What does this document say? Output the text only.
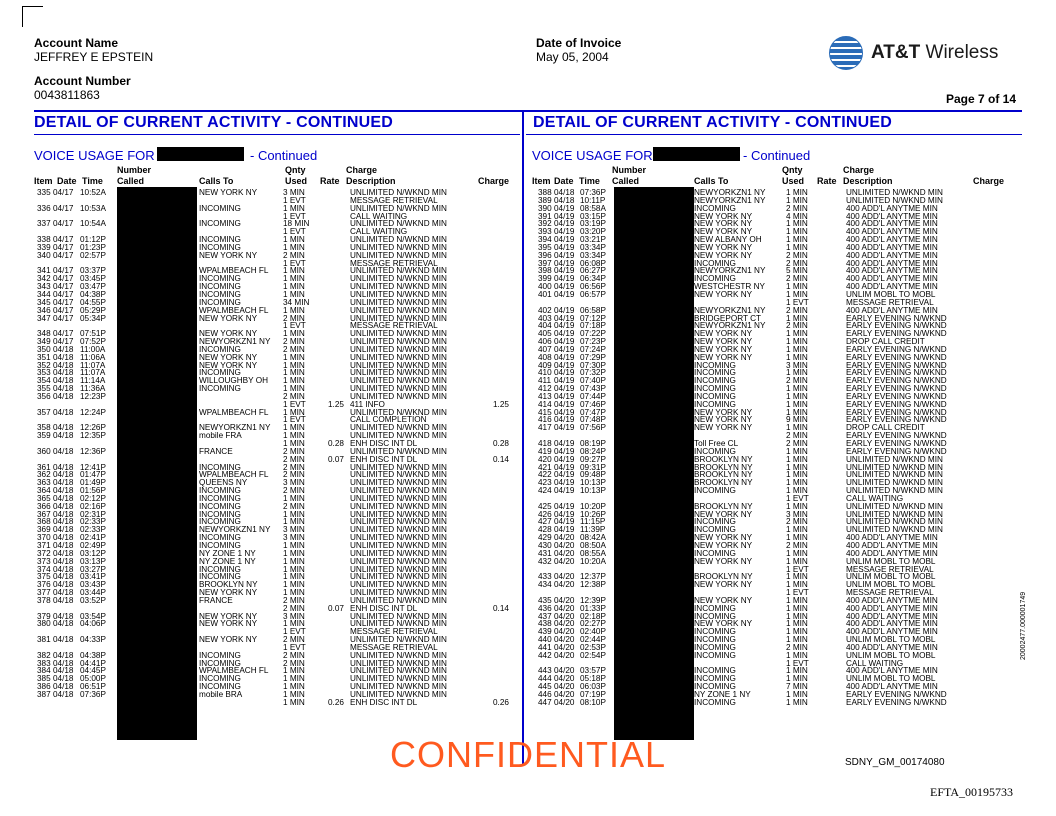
Account Name
JEFFREY E EPSTEIN
Account Number
0043811863
Date of Invoice
May 05, 2004	AT&T Wireless
Page 7 of 14
DETAIL OF CURRENT ACTIVITY - CONTINUED	DETAIL OF CURRENT ACTIVITY - CONTINUED
VOICE USAGE FOR	- Continued	VOICE USAGE FOR	- Continued
Number	Qnty	Charge
Item Date Time Called	Calls To	Used Rate Description	Charge
Number	Qnty	Charge
Item Date Time Called	Calls To	Used Rate Description	Charge
335 04/17 10:52A	NEW YORK NY	3 MIN	UNLIMITED N/WKND MIN
1 EVT	MESSAGE RETRIEVAL
336 04/17 10:53A	INCOMING	1 MIN	UNLIMITED N/WKND MIN
1 EVT	CALL WAITING
337 04/17 10:54A	INCOMING	18 MIN	UNLIMITED N/WKND MIN
1 EVT	CALL WAITING
338 04/17 01:12P	INCOMING	1 MIN	UNLIMITED N/WKND MIN
339 04/17 01:23P	INCOMING	1 MIN	UNLIMITED N/WKND MIN
340 04/17 02:57P	NEW YORK NY	2 MIN	UNLIMITED N/WKND MIN
1 EVT	MESSAGE RETRIEVAL
341 04/17 03:37P	WPALMBEACH FL 1 MIN	UNLIMITED N/WKND MIN
342 04/17 03:45P	INCOMING	1 MIN	UNLIMITED N/WKND MIN
343 04/17 03:47P	INCOMING	1 MIN	UNLIMITED N/WKND MIN
344 04/17 04:38P	INCOMING	1 MIN	UNLIMITED N/WKND MIN
345 04/17 04:55P	INCOMING	34 MIN	UNLIMITED N/WKND MIN
346 04/17 05:29P	WPALMBEACH FL 1 MIN	UNLIMITED N/WKND MIN
347 04/17 05:34P	NEW YORK NY	2 MIN	UNLIMITED N/WKND MIN
1 EVT	MESSAGE RETRIEVAL
348 04/17 07:51P	NEW YORK NY	1 MIN	UNLIMITED N/WKND MIN
349 04/17 07:52P	NEWYORKZN1 NY 2 MIN	UNLIMITED N/WKND MIN
350 04/18 11:00A	INCOMING	2 MIN	UNLIMITED N/WKND MIN
351 04/18 11:06A	NEW YORK NY	1 MIN	UNLIMITED N/WKND MIN
352 04/18 11:07A	NEW YORK NY	1 MIN	UNLIMITED N/WKND MIN
353 04/18 11:07A	INCOMING	1 MIN	UNLIMITED N/WKND MIN
354 04/18 11:14A	WILLOUGHBY OH 1 MIN	UNLIMITED N/WKND MIN
355 04/18 11:36A	INCOMING	1 MIN	UNLIMITED N/WKND MIN
356 04/18 12:23P	2 MIN	UNLIMITED N/WKND MIN
1 EVT	1.25 411 INFO	1.25
357 04/18 12:24P	WPALMBEACH FL 1 MIN	UNLIMITED N/WKND MIN
1 EVT	CALL COMPLETION
358 04/18 12:26P	NEWYORKZN1 NY 1 MIN	UNLIMITED N/WKND MIN
359 04/18 12:35P	mobile FRA	1 MIN	UNLIMITED N/WKND MIN
1 MIN	0.28 ENH DISC INT DL	0.28
360 04/18 12:36P	FRANCE	2 MIN	UNLIMITED N/WKND MIN
2 MIN	0.07 ENH DISC INT DL	0.14
361 04/18 12:41P	INCOMING	2 MIN	UNLIMITED N/WKND MIN
362 04/18 01:47P	WPALMBEACH FL 2 MIN	UNLIMITED N/WKND MIN
363 04/18 01:49P	QUEENS NY	3 MIN	UNLIMITED N/WKND MIN
364 04/18 01:56P	INCOMING	2 MIN	UNLIMITED N/WKND MIN
365 04/18 02:12P	INCOMING	1 MIN	UNLIMITED N/WKND MIN
366 04/18 02:16P	INCOMING	2 MIN	UNLIMITED N/WKND MIN
367 04/18 02:31P	INCOMING	1 MIN	UNLIMITED N/WKND MIN
368 04/18 02:33P	INCOMING	1 MIN	UNLIMITED N/WKND MIN
369 04/18 02:33P	NEWYORKZN1 NY 3 MIN	UNLIMITED N/WKND MIN
370 04/18 02:41P	INCOMING	3 MIN	UNLIMITED N/WKND MIN
371 04/18 02:49P	INCOMING	1 MIN	UNLIMITED N/WKND MIN
372 04/18 03:12P	NY ZONE 1 NY	1 MIN	UNLIMITED N/WKND MIN
373 04/18 03:13P	NY ZONE 1 NY	1 MIN	UNLIMITED N/WKND MIN
374 04/18 03:27P	INCOMING	1 MIN	UNLIMITED N/WKND MIN
375 04/18 03:41P	INCOMING	1 MIN	UNLIMITED N/WKND MIN
376 04/18 03:43P	BROOKLYN NY	1 MIN	UNLIMITED N/WKND MIN
377 04/18 03:44P	NEW YORK NY	1 MIN	UNLIMITED N/WKND MIN
378 04/18 03:52P	FRANCE	2 MIN	UNLIMITED N/WKND MIN
2 MIN	0.07 ENH DISC INT DL	0.14
379 04/18 03:54P	NEW YORK NY	3 MIN	UNLIMITED N/WKND MIN
380 04/18 04:06P	NEW YORK NY	1 MIN	UNLIMITED N/WKND MIN
1 EVT	MESSAGE RETRIEVAL
381 04/18 04:33P	NEW YORK NY	2 MIN	UNLIMITED N/WKND MIN
1 EVT	MESSAGE RETRIEVAL
382 04/18 04:38P	INCOMING	2 MIN	UNLIMITED N/WKND MIN
383 04/18 04:41P	INCOMING	2 MIN	UNLIMITED N/WKND MIN
384 04/18 04:45P	WPALMBEACH FL 1 MIN	UNLIMITED N/WKND MIN
385 04/18 05:00P	INCOMING	1 MIN	UNLIMITED N/WKND MIN
386 04/18 06:51P	INCOMING	1 MIN	UNLIMITED N/WKND MIN
387 04/18 07:36P	mobile BRA	1 MIN	UNLIMITED N/WKND MIN
1 MIN	0.26 ENH DISC INT DL	0.26
388 04/18 07:36P	NEWYORKZN1 NY	1 MIN	UNLIMITED N/WKND MIN
389 04/18 10:11P	NEWYORKZN1 NY	1 MIN	UNLIMITED N/WKND MIN
390 04/19 08:58A	INCOMING	2 MIN	400 ADD'L ANYTME MIN
391 04/19 03:15P	NEW YORK NY	4 MIN	400 ADD'L ANYTME MIN
392 04/19 03:19P	NEW YORK NY	1 MIN	400 ADD'L ANYTME MIN
393 04/19 03:20P	NEW YORK NY	1 MIN	400 ADD'L ANYTME MIN
394 04/19 03:21P	NEW ALBANY OH	1 MIN	400 ADD'L ANYTME MIN
395 04/19 03:34P	NEW YORK NY	1 MIN	400 ADD'L ANYTME MIN
396 04/19 03:34P	NEW YORK NY	2 MIN	400 ADD'L ANYTME MIN
397 04/19 06:08P	INCOMING	2 MIN	400 ADD'L ANYTME MIN
398 04/19 06:27P	NEWYORKZN1 NY	5 MIN	400 ADD'L ANYTME MIN
399 04/19 06:34P	INCOMING	2 MIN	400 ADD'L ANYTME MIN
400 04/19 06:56P	WESTCHESTR NY	1 MIN	400 ADD'L ANYTME MIN
401 04/19 06:57P	NEW YORK NY	1 MIN	UNLIM MOBL TO MOBL
1 EVT	MESSAGE RETRIEVAL
402 04/19 06:58P	NEWYORKZN1 NY	2 MIN	400 ADD'L ANYTME MIN
403 04/19 07:12P	BRIDGEPORT CT	1 MIN	EARLY EVENING N/WKND
404 04/19 07:18P	NEWYORKZN1 NY	2 MIN	EARLY EVENING N/WKND
405 04/19 07:22P	NEW YORK NY	1 MIN	EARLY EVENING N/WKND
406 04/19 07:23P	NEW YORK NY	1 MIN	DROP CALL CREDIT
407 04/19 07:24P	NEW YORK NY	1 MIN	EARLY EVENING N/WKND
408 04/19 07:29P	NEW YORK NY	1 MIN	EARLY EVENING N/WKND
409 04/19 07:30P	INCOMING	3 MIN	EARLY EVENING N/WKND
410 04/19 07:32P	INCOMING	1 MIN	EARLY EVENING N/WKND
411 04/19 07:40P	INCOMING	2 MIN	EARLY EVENING N/WKND
412 04/19 07:43P	INCOMING	1 MIN	EARLY EVENING N/WKND
413 04/19 07:44P	INCOMING	1 MIN	EARLY EVENING N/WKND
414 04/19 07:46P	INCOMING	1 MIN	EARLY EVENING N/WKND
415 04/19 07:47P	NEW YORK NY	1 MIN	EARLY EVENING N/WKND
416 04/19 07:48P	NEW YORK NY	9 MIN	EARLY EVENING N/WKND
417 04/19 07:56P	NEW YORK NY	1 MIN	DROP CALL CREDIT
2 MIN	EARLY EVENING N/WKND
418 04/19 08:19P	Toll Free CL	2 MIN	EARLY EVENING N/WKND
419 04/19 08:24P	INCOMING	1 MIN	EARLY EVENING N/WKND
420 04/19 09:27P	BROOKLYN NY	1 MIN	UNLIMITED N/WKND MIN
421 04/19 09:31P	BROOKLYN NY	1 MIN	UNLIMITED N/WKND MIN
422 04/19 09:48P	BROOKLYN NY	1 MIN	UNLIMITED N/WKND MIN
423 04/19 10:13P	BROOKLYN NY	1 MIN	UNLIMITED N/WKND MIN
424 04/19 10:13P	INCOMING	1 MIN	UNLIMITED N/WKND MIN
1 EVT	CALL WAITING
425 04/19 10:20P	BROOKLYN NY	1 MIN	UNLIMITED N/WKND MIN
426 04/19 10:26P	NEW YORK NY	3 MIN	UNLIMITED N/WKND MIN
427 04/19 11:15P	INCOMING	2 MIN	UNLIMITED N/WKND MIN
428 04/19 11:39P	INCOMING	1 MIN	UNLIMITED N/WKND MIN
429 04/20 08:42A	NEW YORK NY	1 MIN	400 ADD'L ANYTME MIN
430 04/20 08:50A	NEW YORK NY	2 MIN	400 ADD'L ANYTME MIN
431 04/20 08:55A	INCOMING	1 MIN	400 ADD'L ANYTME MIN
432 04/20 10:20A	NEW YORK NY	1 MIN	UNLIM MOBL TO MOBL
1 EVT	MESSAGE RETRIEVAL
433 04/20 12:37P	BROOKLYN NY	1 MIN	UNLIM MOBL TO MOBL
434 04/20 12:38P	NEW YORK NY	1 MIN	UNLIM MOBL TO MOBL
1 EVT	MESSAGE RETRIEVAL
435 04/20 12:39P	NEW YORK NY	1 MIN	400 ADD'L ANYTME MIN
436 04/20 01:33P	INCOMING	1 MIN	400 ADD'L ANYTME MIN
437 04/20 02:18P	INCOMING	1 MIN	400 ADD'L ANYTME MIN
438 04/20 02:27P	NEW YORK NY	1 MIN	400 ADD'L ANYTME MIN
439 04/20 02:40P	INCOMING	1 MIN	400 ADD'L ANYTME MIN
440 04/20 02:44P	INCOMING	1 MIN	UNLIM MOBL TO MOBL
441 04/20 02:53P	INCOMING	2 MIN	400 ADD'L ANYTME MIN
442 04/20 02:54P	INCOMING	1 MIN	UNLIM MOBL TO MOBL
1 EVT	CALL WAITING
443 04/20 03:57P	INCOMING	1 MIN	400 ADD'L ANYTME MIN
444 04/20 05:18P	INCOMING	1 MIN	UNLIM MOBL TO MOBL
445 04/20 06:03P	INCOMING	7 MIN	400 ADD'L ANYTME MIN
446 04/20 07:19P	NY ZONE 1 NY	1 MIN	EARLY EVENING N/WKND
447 04/20 08:10P	INCOMING	1 MIN	EARLY EVENING N/WKND
CONFIDENTIAL	SDNY_GM_00174080
EFTA_00195733
20002477.000001749
